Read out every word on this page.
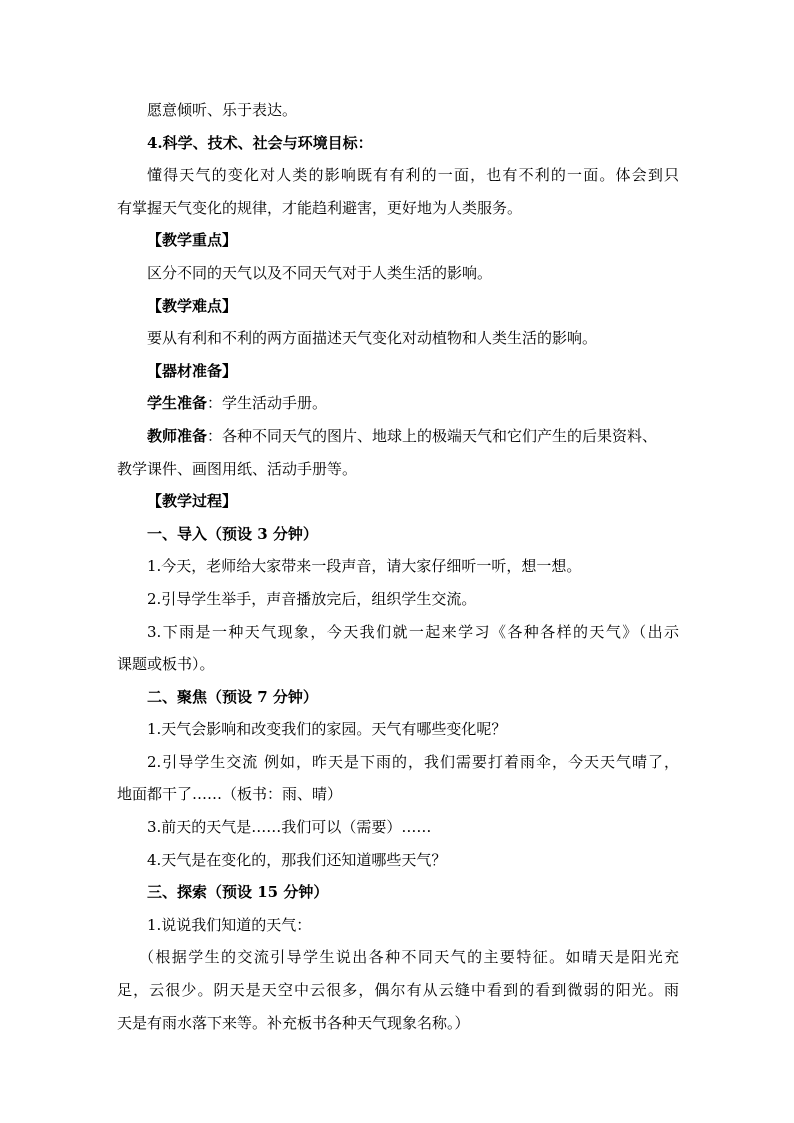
愿意倾听、乐于表达。
4.科学、技术、社会与环境目标：
懂得天气的变化对人类的影响既有有利的一面，也有不利的一面。体会到只
有掌握天气变化的规律，才能趋利避害，更好地为人类服务。
【教学重点】
区分不同的天气以及不同天气对于人类生活的影响。
【教学难点】
要从有利和不利的两方面描述天气变化对动植物和人类生活的影响。
【器材准备】
学生准备：学生活动手册。
教师准备：各种不同天气的图片、地球上的极端天气和它们产生的后果资料、
教学课件、画图用纸、活动手册等。
【教学过程】
一、导入（预设 3 分钟）
1.今天，老师给大家带来一段声音，请大家仔细听一听，想一想。
2.引导学生举手，声音播放完后，组织学生交流。
3.下雨是一种天气现象，今天我们就一起来学习《各种各样的天气》（出示
课题或板书）。
二、聚焦（预设 7 分钟）
1.天气会影响和改变我们的家园。天气有哪些变化呢？
2.引导学生交流 例如，昨天是下雨的，我们需要打着雨伞，今天天气晴了，
地面都干了……（板书：雨、晴）
3.前天的天气是……我们可以（需要）……
4.天气是在变化的，那我们还知道哪些天气？
三、探索（预设 15 分钟）
1.说说我们知道的天气：
（根据学生的交流引导学生说出各种不同天气的主要特征。如晴天是阳光充
足，云很少。阴天是天空中云很多，偶尔有从云缝中看到的看到微弱的阳光。雨
天是有雨水落下来等。补充板书各种天气现象名称。）
